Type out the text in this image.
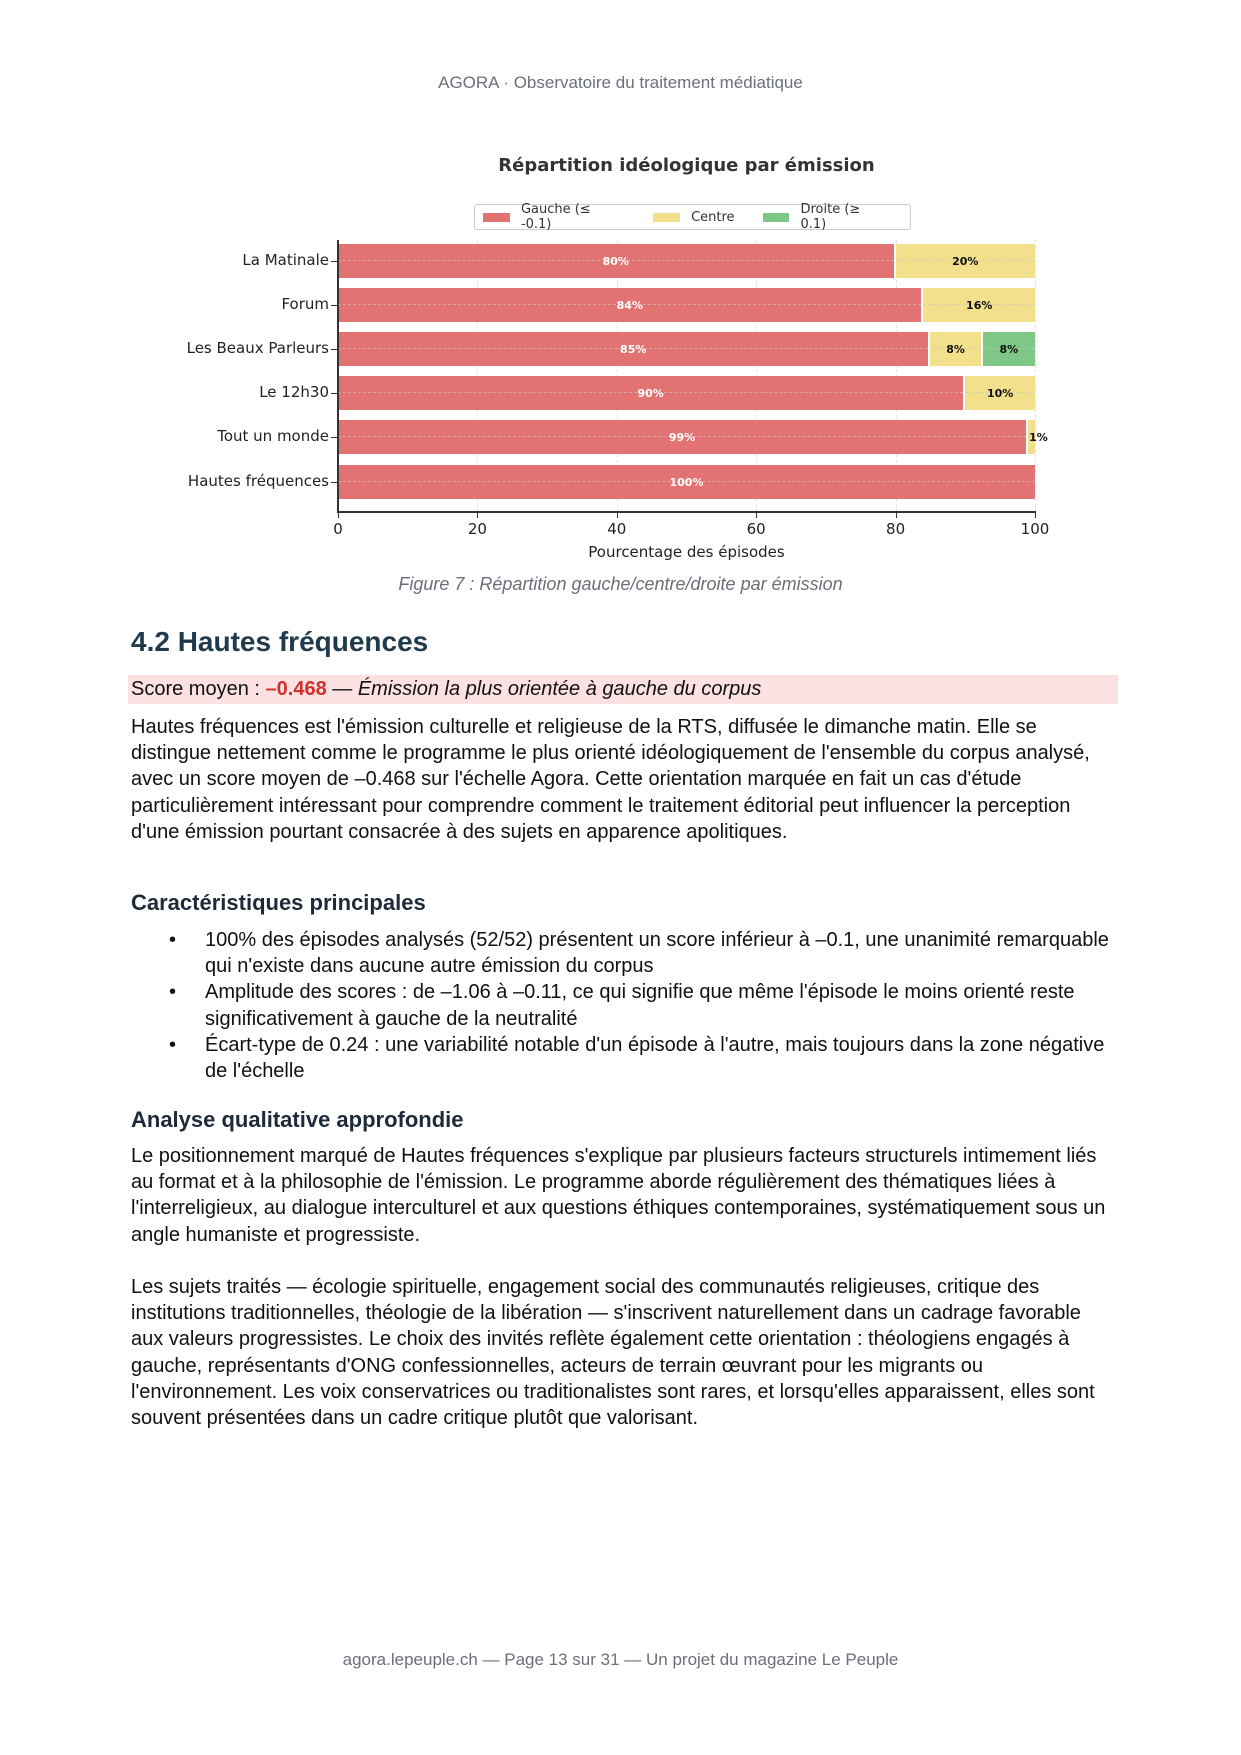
AGORA · Observatoire du traitement médiatique
Répartition idéologique par émission
Gauche (≤ -0.1)	Centre	Droite (≥ 0.1)
80%	20%
84%	16%
85%	8%	8%
90%	10%
99%	1%
100%
La Matinale
Forum
Les Beaux Parleurs
Le 12h30
Tout un monde
Hautes fréquences
0	20	40	60	80	100
Pourcentage des épisodes
Figure 7 : Répartition gauche/centre/droite par émission
4.2 Hautes fréquences
Score moyen : –0.468 — Émission la plus orientée à gauche du corpus

Hautes fréquences est l'émission culturelle et religieuse de la RTS, diffusée le dimanche matin. Elle se distingue nettement comme le programme le plus orienté idéologiquement de l'ensemble du corpus analysé, avec un score moyen de –0.468 sur l'échelle Agora. Cette orientation marquée en fait un cas d'étude particulièrement intéressant pour comprendre comment le traitement éditorial peut influencer la perception d'une émission pourtant consacrée à des sujets en apparence apolitiques.

Caractéristiques principales
• 100% des épisodes analysés (52/52) présentent un score inférieur à –0.1, une unanimité remarquable qui n'existe dans aucune autre émission du corpus
• Amplitude des scores : de –1.06 à –0.11, ce qui signifie que même l'épisode le moins orienté reste significativement à gauche de la neutralité
• Écart-type de 0.24 : une variabilité notable d'un épisode à l'autre, mais toujours dans la zone négative de l'échelle
Analyse qualitative approfondie

Le positionnement marqué de Hautes fréquences s'explique par plusieurs facteurs structurels intimement liés au format et à la philosophie de l'émission. Le programme aborde régulièrement des thématiques liées à l'interreligieux, au dialogue interculturel et aux questions éthiques contemporaines, systématiquement sous un angle humaniste et progressiste.

Les sujets traités — écologie spirituelle, engagement social des communautés religieuses, critique des institutions traditionnelles, théologie de la libération — s'inscrivent naturellement dans un cadrage favorable aux valeurs progressistes. Le choix des invités reflète également cette orientation : théologiens engagés à gauche, représentants d'ONG confessionnelles, acteurs de terrain œuvrant pour les migrants ou l'environnement. Les voix conservatrices ou traditionalistes sont rares, et lorsqu'elles apparaissent, elles sont souvent présentées dans un cadre critique plutôt que valorisant.

agora.lepeuple.ch — Page 13 sur 31 — Un projet du magazine Le Peuple
